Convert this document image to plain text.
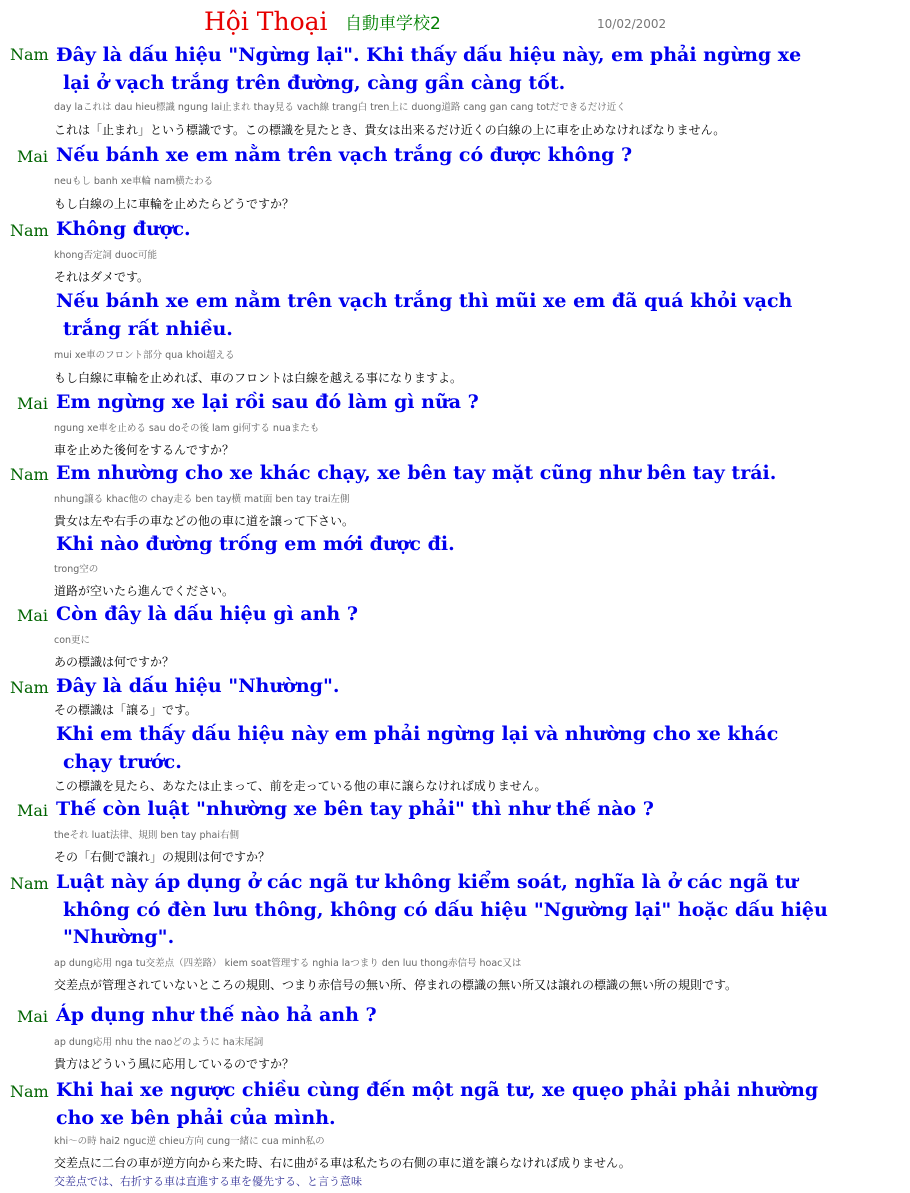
Hội Thoại 自動車学校2	10/02/2002
Nam Đây là dấu hiệu "Ngừng lại". Khi thấy dấu hiệu này, em phải ngừng xe
lại ở vạch trắng trên đường, càng gần càng tốt.
day laこれは dau hieu標識 ngung lai止まれ thay見る vach線 trang白 tren上に duong道路 cang gan cang totだできるだけ近く
これは「止まれ」という標識です。この標識を見たとき、貴女は出来るだけ近くの白線の上に車を止めなければなりません。
Mai Nếu bánh xe em nằm trên vạch trắng có được không ?
neuもし banh xe車輪 nam横たわる
もし白線の上に車輪を止めたらどうですか？
Nam Không được.
khong否定詞 duoc可能
それはダメです。
Nếu bánh xe em nằm trên vạch trắng thì mũi xe em đã quá khỏi vạch
trắng rất nhiều.
mui xe車のフロント部分 qua khoi超える
もし白線に車輪を止めれば、車のフロントは白線を越える事になりますよ。
Mai Em ngừng xe lại rồi sau đó làm gì nữa ?
ngung xe車を止める sau doその後 lam gi何する nuaまたも
車を止めた後何をするんですか？
Nam Em nhường cho xe khác chạy, xe bên tay mặt cũng như bên tay trái.
nhung譲る khac他の chay走る ben tay横 mat面 ben tay trai左側
貴女は左や右手の車などの他の車に道を譲って下さい。
Khi nào đường trống em mới được đi.
trong空の
道路が空いたら進んでください。
Mai Còn đây là dấu hiệu gì anh ?
con更に
あの標識は何ですか？
Nam Đây là dấu hiệu "Nhường".
その標識は「譲る」です。
Khi em thấy dấu hiệu này em phải ngừng lại và nhường cho xe khác
chạy trước.
この標識を見たら、あなたは止まって、前を走っている他の車に譲らなければ成りません。
Mai Thế còn luật "nhường xe bên tay phải" thì như thế nào ?
theそれ luat法律、規則 ben tay phai右側
その「右側で譲れ」の規則は何ですか？
Nam Luật này áp dụng ở các ngã tư không kiểm soát, nghĩa là ở các ngã tư
không có đèn lưu thông, không có dấu hiệu "Ngường lại" hoặc dấu hiệu
"Nhường".
ap dung応用 nga tu交差点（四差路） kiem soat管理する nghia laつまり den luu thong赤信号 hoac又は
交差点が管理されていないところの規則、つまり赤信号の無い所、停まれの標識の無い所又は譲れの標識の無い所の規則です。
Mai Áp dụng như thế nào hả anh ?
ap dung応用 nhu the naoどのように ha末尾詞
貴方はどういう風に応用しているのですか？
Nam Khi hai xe ngược chiều cùng đến một ngã tư, xe quẹo phải phải nhường
cho xe bên phải của mình.
khi～の時 hai2 nguc逆 chieu方向 cung一緒に cua minh私の
交差点に二台の車が逆方向から来た時、右に曲がる車は私たちの右側の車に道を譲らなければ成りません。
交差点では、右折する車は直進する車を優先する、と言う意味
